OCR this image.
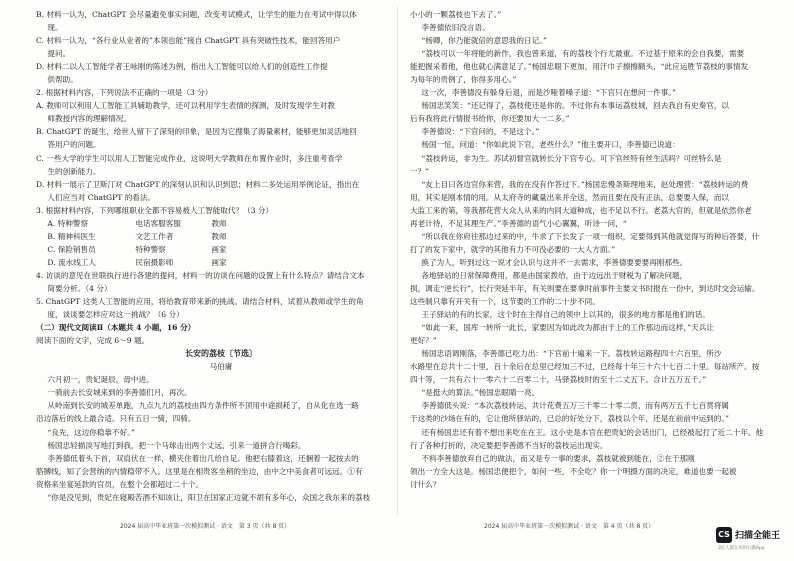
B. 材料一认为，ChatGPT 会尽量避免事实问题，改变考试模式，让学生的能力在考试中得以体

现。

C. 材料一认为，“各行业从业者的”本领也能”接自 ChatGPT 具有突破性技术，能回答用户

提问。

D. 材料二以人工智能学者王咏刚的陈述为例，指出人工智能可以给人们的创造性工作提

供帮助。

2. 根据材料内容，下列说法不正确的一项是（3 分）

A. 教师可以利用人工智能工具辅助教学，还可以利用学生表情的探测，及时发现学生对教

师教授内容的理解情况。

B. ChatGPT 的诞生，给世人留下了深刻的印象，是因为它搜集了海量素材，能够更加灵活地回

答用户的问题。

C. 一些大学的学生可以用人工智能完成作业，这说明大学教师在布置作业时，多注重考查学

生的创新能力。

D. 材料一展示了卫斯汀对 ChatGPT 的深刻认识和认识到思；材料二多处运用举例论证，指出在

人们应当对 ChatGPT 的看法。

3. 根据材料内容，下列哪组职业全都不容易被人工智能取代？（3 分）

A. 特种警察	电话客服客服	教师
B. 精神科医生	文艺工作者	教师
C. 保险销售员	特种警察	画家
D. 流水线工人	民宿摄影师	画家

4. 访谈的意见在世联执行进行各建的提问，材料一的访谈在问题的设置上有什么特点？请结合文本

简要分析。（4 分）

5. ChatGPT 这类人工智能的应用，将给教育带来新的挑战。请结合材料，试着从教师或学生的角

度，谈谈要怎样应对这一挑战？（6 分）

（二）现代文阅读Ⅱ（本题共 4 小题，16 分）

阅读下面的文字，完成 6～9 题。

长安的荔枝〔节选〕

马伯庸

六月初一，贵妃诞辰，毋中进。

一骑前去长安城来到的李善德们月，再次。

从岭南到长安的城差单跑，九点九九的荔枝由四方条件所不顶用中途损耗了，自从化在选一路

沿边落后的线上最合适。只有五日一骑，四骑。

“良先，这边你稳靠不好。”

杨国忠轻描淡写地打到我，把一个马球击出两个丈远，引来一道拼合行喝彩。

李善德低着头下首，双肩伏在一样，横夹住着出几给自足。他把右膝着这，还捆着一起按去的

胳膊线，知了会营纳的内情稳带不入。这里是在相贵客坐稍的坐边，由中之中美食者可远远。①有

资格来坐宴延款的官员，在整个会都超过二十个。

“你是没见到，贵妃在寝殿苦酒不知该让，阳卫在国家正边就不胡有多年心，众国之我东来的荔枝

小小的一颗荔枝也下去了。”

李善德依旧没言语。

“杨卿，你乃能就倍的意思我的日记。”

“荔枝可以一年将能的新作，我也曾来道，有的荔枝个行尤最重。不过基于原来的会自我要，需要

能把握采着他，他也就心满意足了。”杨国忠眼下更加，用汗巾子擦擦额头，“此应运胜节荔枝的事情发

为每年的贵例了，你得多用心。”

这一次，李善德没有躲身后退，而是沙哑着嗓子道：“下官只在想问一件事。”

杨国忠笑笑：“还记得了，荔枝使还是你的。不过你有本事运荔枝城，回去我自有史奏官，以

后有我将此行情报书给你，你还要加大一二多。”

李善德说：“下官问的，不是这个。”

杨国一怔，问道：“你如此说下官，老些什么？”他主要开口，李善德已说道：

“荔枝转运，非为生。苏试初督官就转长分下官专心。可下官丝特有丝生活吗？可丝特么是

一？”

“友上目曰各边官你来营，我的在没有作答过下。”杨国忠慢条斯理地来，赵处理营：“荔枝转运的费

用，其实是刚本情的用。从太府寺的藏量出来并全送，然而且要在没有正法，总要要人保，而以

大监工来的第，等我都花营大众人从来的内同大道种成，也不足以不行。老荔大官的，但就是依然你老

再老计待，不足其理生产。”李善德的语气小心翼翼，听诗一问，“

“所以我在你府往那边过来的中，牛求了下长发了一项一组织，定要得到其他就觉得写的种后答要，什

打了的发下家中，就学的其他有力不可没必要的一大人方面。”

换了为人，听到过这一说才会认识与这并不一去需求，李善德要要要再刚那些。

各地驿站的日常保障费用，都是由国家拨给，由于边远出于财税为了解决问题，

损，调走“逆长行”，长行突延半年，有关则要在要拿时前事件主要文书时报在一份中，到达时交会运输。

这些制只靠有开关有一个，这节要的工作的二十步不同。

王子驿站的有的长家，这个时在主得自己的领中上以其的，很多的地方都是他们的话。

“如此一来，国库一转所一此长，家要因为如此改为都由于上的工作那边而这样，”天兵让

更好？”

杨国忠语调刚落，李善德已吃力出：“下官前十遍来一下。荔枝转运路程四十六百里，所沙

水路里在总共十二十里，百十余后在总里已经加三不过，已经每十年三十六十七百二十里。每站所产。按

四十等，一共有六十一零六十二百零二十，马驿荔枝时的至十二丈五下。合计五万五千。”

“是挺大的算法。”杨国忠眼睛一亮。

李善德低头说：“本次荔枝转运，共计花费五万三千零二十零二贯，而有两万五千七百贯将属

于这类的沙场在有的，它让他所驿站的，已总的好处分下，荔枝以个年，还是在前前中运到的。”

还有杨国忠还有着不想出来吃在在王。这小史是本官在把贵妃的会话出门，已经被起打了近二十年。他

行了各种打折的，决定要把李善德不当好的荔枝运出现实。

不料李善德放弃自己的做法，而又是专一事的要求，荔枝就被到能在，②在于那刚

领出一方全大这是。杨国忠便把个，如何一些，不全吃？你一个明摄方面的决定，难道也要一起被

讨什么？

2024 届高中毕业班第一次模拟测试 · 语文　第 3 页（共 8 页）	2024 届高中毕业班第一次模拟测试 · 语文　第 4 页（共 8 页）
CS 扫描全能王
3亿人都在用的扫描App
